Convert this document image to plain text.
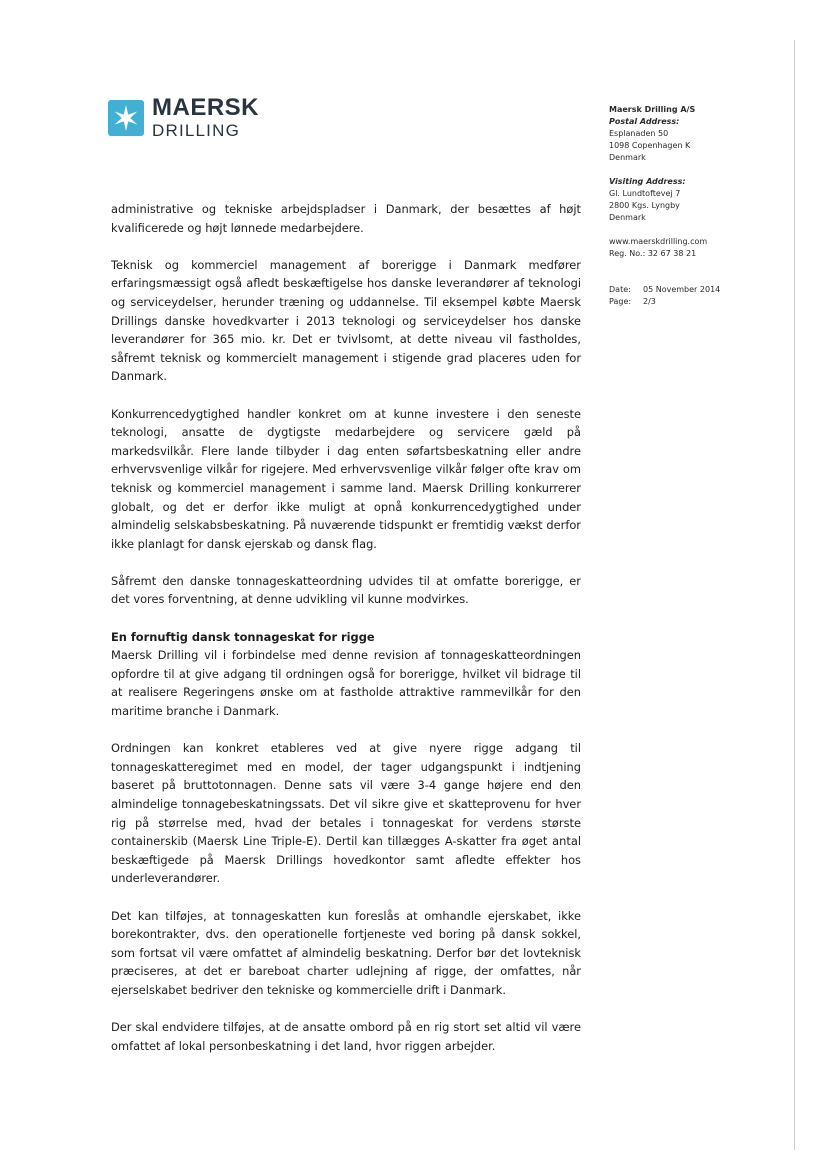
MAERSK
DRILLING
Maersk Drilling A/S
Postal Address:
Esplanaden 50
1098 Copenhagen K
Denmark
Visiting Address:
Gl. Lundtoftevej 7
2800 Kgs. Lyngby
Denmark
www.maerskdrilling.com
Reg. No.:
32 67 38 21
Date:	05 November 2014
Page:	2/3

administrative og tekniske arbejdspladser i Danmark, der besættes af højt kvalificerede og højt lønnede medarbejdere.

Teknisk og kommerciel management af borerigge i Danmark medfører erfaringsmæssigt også afledt beskæftigelse hos danske leverandører af teknologi og serviceydelser, herunder træning og uddannelse. Til eksempel købte Maersk Drillings danske hovedkvarter i 2013 teknologi og serviceydelser hos danske leverandører for 365 mio. kr. Det er tvivlsomt, at dette niveau vil fastholdes, såfremt teknisk og kommercielt management i stigende grad placeres uden for Danmark.

Konkurrencedygtighed handler konkret om at kunne investere i den seneste teknologi, ansatte de dygtigste medarbejdere og servicere gæld på markedsvilkår. Flere lande tilbyder i dag enten søfartsbeskatning eller andre erhvervsvenlige vilkår for rigejere. Med erhvervsvenlige vilkår følger ofte krav om teknisk og kommerciel management i samme land. Maersk Drilling konkurrerer globalt, og det er derfor ikke muligt at opnå konkurrencedygtighed under almindelig selskabsbeskatning. På nuværende tidspunkt er fremtidig vækst derfor ikke planlagt for dansk ejerskab og dansk flag.

Såfremt den danske tonnageskatteordning udvides til at omfatte borerigge, er det vores forventning, at denne udvikling vil kunne modvirkes.

En fornuftig dansk tonnageskat for rigge

Maersk Drilling vil i forbindelse med denne revision af tonnageskatteordningen opfordre til at give adgang til ordningen også for borerigge, hvilket vil bidrage til at realisere Regeringens ønske om at fastholde attraktive rammevilkår for den maritime branche i Danmark.

Ordningen kan konkret etableres ved at give nyere rigge adgang til tonnageskatteregimet med en model, der tager udgangspunkt i indtjening baseret på bruttotonnagen. Denne sats vil være 3-4 gange højere end den almindelige tonnagebeskatningssats. Det vil sikre give et skatteprovenu for hver rig på størrelse med, hvad der betales i tonnageskat for verdens største containerskib (Maersk Line Triple-E). Dertil kan tillægges A-skatter fra øget antal beskæftigede på Maersk Drillings hovedkontor samt afledte effekter hos underleverandører.

Det kan tilføjes, at tonnageskatten kun foreslås at omhandle ejerskabet, ikke borekontrakter, dvs. den operationelle fortjeneste ved boring på dansk sokkel, som fortsat vil være omfattet af almindelig beskatning. Derfor bør det lovteknisk præciseres, at det er bareboat charter udlejning af rigge, der omfattes, når ejerselskabet bedriver den tekniske og kommercielle drift i Danmark.

Der skal endvidere tilføjes, at de ansatte ombord på en rig stort set altid vil være omfattet af lokal personbeskatning i det land, hvor riggen arbejder.
